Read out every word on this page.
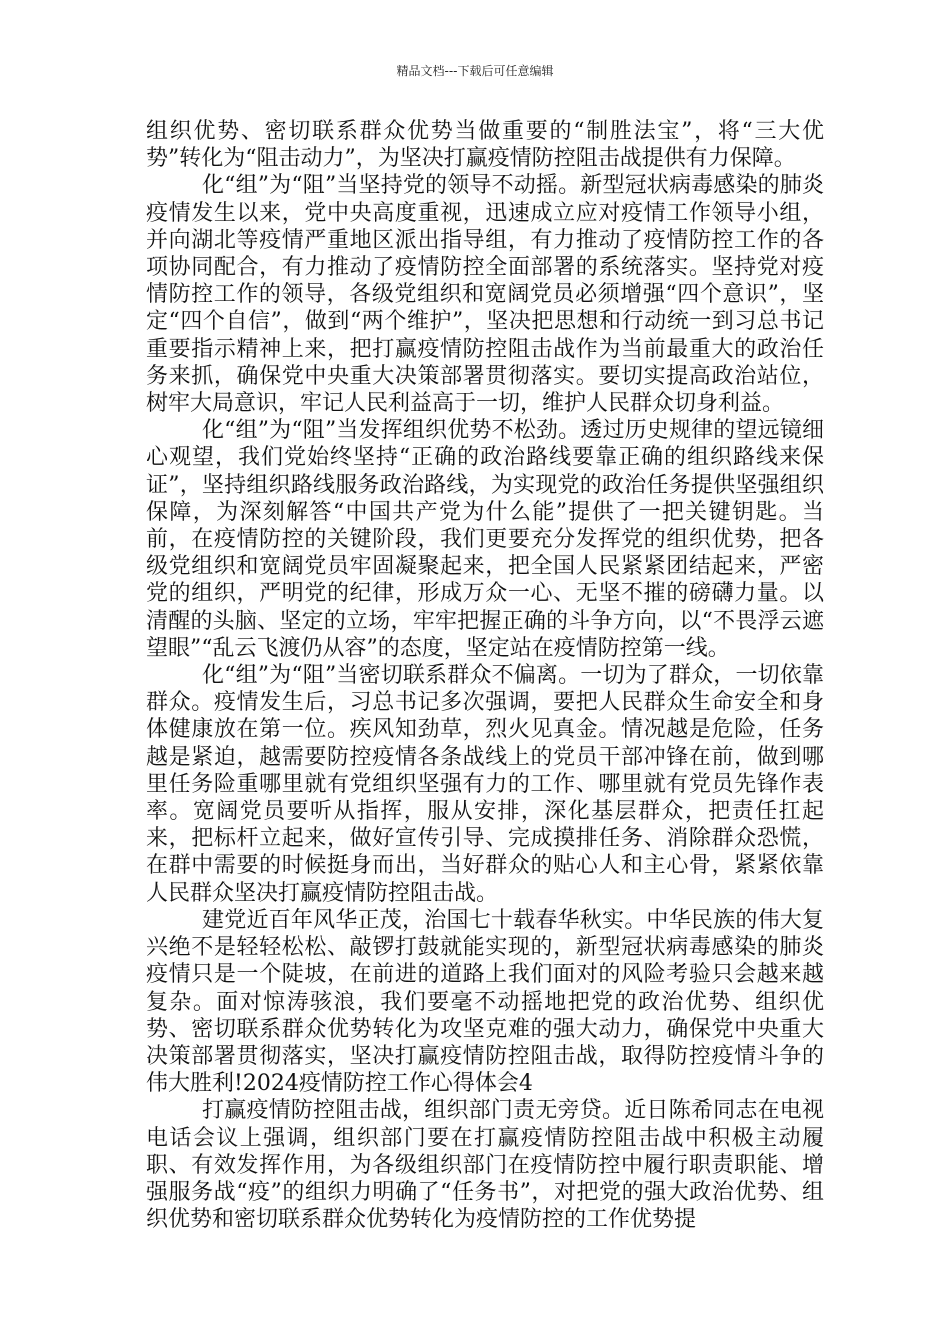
精品文档---下载后可任意编辑

组织优势、密切联系群众优势当做重要的“制胜法宝”，将“三大优势”转化为“阻击动力”，为坚决打赢疫情防控阻击战提供有力保障。

化“组”为“阻”当坚持党的领导不动摇。新型冠状病毒感染的肺炎疫情发生以来，党中央高度重视，迅速成立应对疫情工作领导小组，并向湖北等疫情严重地区派出指导组，有力推动了疫情防控工作的各项协同配合，有力推动了疫情防控全面部署的系统落实。坚持党对疫情防控工作的领导，各级党组织和宽阔党员必须增强“四个意识”，坚定“四个自信”，做到“两个维护”，坚决把思想和行动统一到习总书记重要指示精神上来，把打赢疫情防控阻击战作为当前最重大的政治任务来抓，确保党中央重大决策部署贯彻落实。要切实提高政治站位，树牢大局意识，牢记人民利益高于一切，维护人民群众切身利益。

化“组”为“阻”当发挥组织优势不松劲。透过历史规律的望远镜细心观望，我们党始终坚持“正确的政治路线要靠正确的组织路线来保证”，坚持组织路线服务政治路线，为实现党的政治任务提供坚强组织保障，为深刻解答“中国共产党为什么能”提供了一把关键钥匙。当前，在疫情防控的关键阶段，我们更要充分发挥党的组织优势，把各级党组织和宽阔党员牢固凝聚起来，把全国人民紧紧团结起来，严密党的组织，严明党的纪律，形成万众一心、无坚不摧的磅礴力量。以清醒的头脑、坚定的立场，牢牢把握正确的斗争方向，以“不畏浮云遮望眼”“乱云飞渡仍从容”的态度，坚定站在疫情防控第一线。

化“组”为“阻”当密切联系群众不偏离。一切为了群众，一切依靠群众。疫情发生后，习总书记多次强调，要把人民群众生命安全和身体健康放在第一位。疾风知劲草，烈火见真金。情况越是危险，任务越是紧迫，越需要防控疫情各条战线上的党员干部冲锋在前，做到哪里任务险重哪里就有党组织坚强有力的工作、哪里就有党员先锋作表率。宽阔党员要听从指挥，服从安排，深化基层群众，把责任扛起来，把标杆立起来，做好宣传引导、完成摸排任务、消除群众恐慌，在群中需要的时候挺身而出，当好群众的贴心人和主心骨，紧紧依靠人民群众坚决打赢疫情防控阻击战。

建党近百年风华正茂，治国七十载春华秋实。中华民族的伟大复兴绝不是轻轻松松、敲锣打鼓就能实现的，新型冠状病毒感染的肺炎疫情只是一个陡坡，在前进的道路上我们面对的风险考验只会越来越复杂。面对惊涛骇浪，我们要毫不动摇地把党的政治优势、组织优势、密切联系群众优势转化为攻坚克难的强大动力，确保党中央重大决策部署贯彻落实，坚决打赢疫情防控阻击战，取得防控疫情斗争的伟大胜利!2024疫情防控工作心得体会4

打赢疫情防控阻击战，组织部门责无旁贷。近日陈希同志在电视电话会议上强调，组织部门要在打赢疫情防控阻击战中积极主动履职、有效发挥作用，为各级组织部门在疫情防控中履行职责职能、增强服务战“疫”的组织力明确了“任务书”，对把党的强大政治优势、组织优势和密切联系群众优势转化为疫情防控的工作优势提
